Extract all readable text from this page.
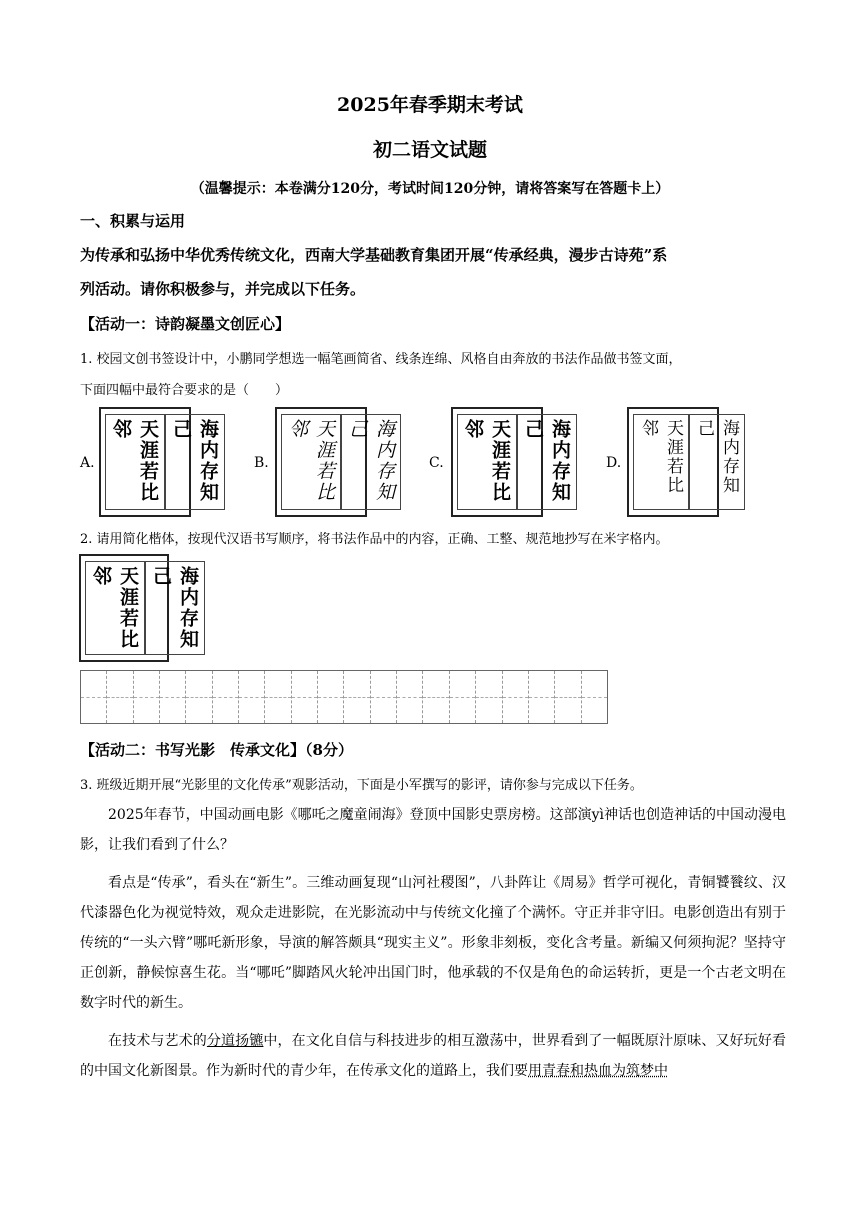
2025年春季期末考试
初二语文试题
（温馨提示：本卷满分120分，考试时间120分钟，请将答案写在答题卡上）
一、积累与运用
为传承和弘扬中华优秀传统文化，西南大学基础教育集团开展“传承经典，漫步古诗苑”系
列活动。请你积极参与，并完成以下任务。
【活动一：诗韵凝墨文创匠心】
1. 校园文创书签设计中，小鹏同学想选一幅笔画简省、线条连绵、风格自由奔放的书法作品做书签文面，
下面四幅中最符合要求的是（　　）
A.	天涯若比邻	海内存知己
B.	天涯若比邻	海内存知己
C.	天涯若比邻	海内存知己
D.	天涯若比邻	海内存知己
2. 请用简化楷体，按现代汉语书写顺序，将书法作品中的内容，正确、工整、规范地抄写在米字格内。
天涯若比邻	海内存知己
【活动二：书写光影　传承文化】（8分）
3. 班级近期开展“光影里的文化传承”观影活动，下面是小军撰写的影评，请你参与完成以下任务。

2025年春节，中国动画电影《哪吒之魔童闹海》登顶中国影史票房榜。这部演yì神话也创造神话的中国动漫电影，让我们看到了什么？

看点是“传承”，看头在“新生”。三维动画复现“山河社稷图”，八卦阵让《周易》哲学可视化，青铜饕餮纹、汉代漆器色化为视觉特效，观众走进影院，在光影流动中与传统文化撞了个满怀。守正并非守旧。电影创造出有别于传统的“一头六臂”哪吒新形象，导演的解答颇具“现实主义”。形象非刻板，变化含考量。新编又何须拘泥？坚持守正创新，静候惊喜生花。当“哪吒”脚踏风火轮冲出国门时，他承载的不仅是角色的命运转折，更是一个古老文明在数字时代的新生。

在技术与艺术的分道扬镳中，在文化自信与科技进步的相互激荡中，世界看到了一幅既原汁原味、又好玩好看的中国文化新图景。作为新时代的青少年，在传承文化的道路上，我们要用青春和热血为筑梦中
